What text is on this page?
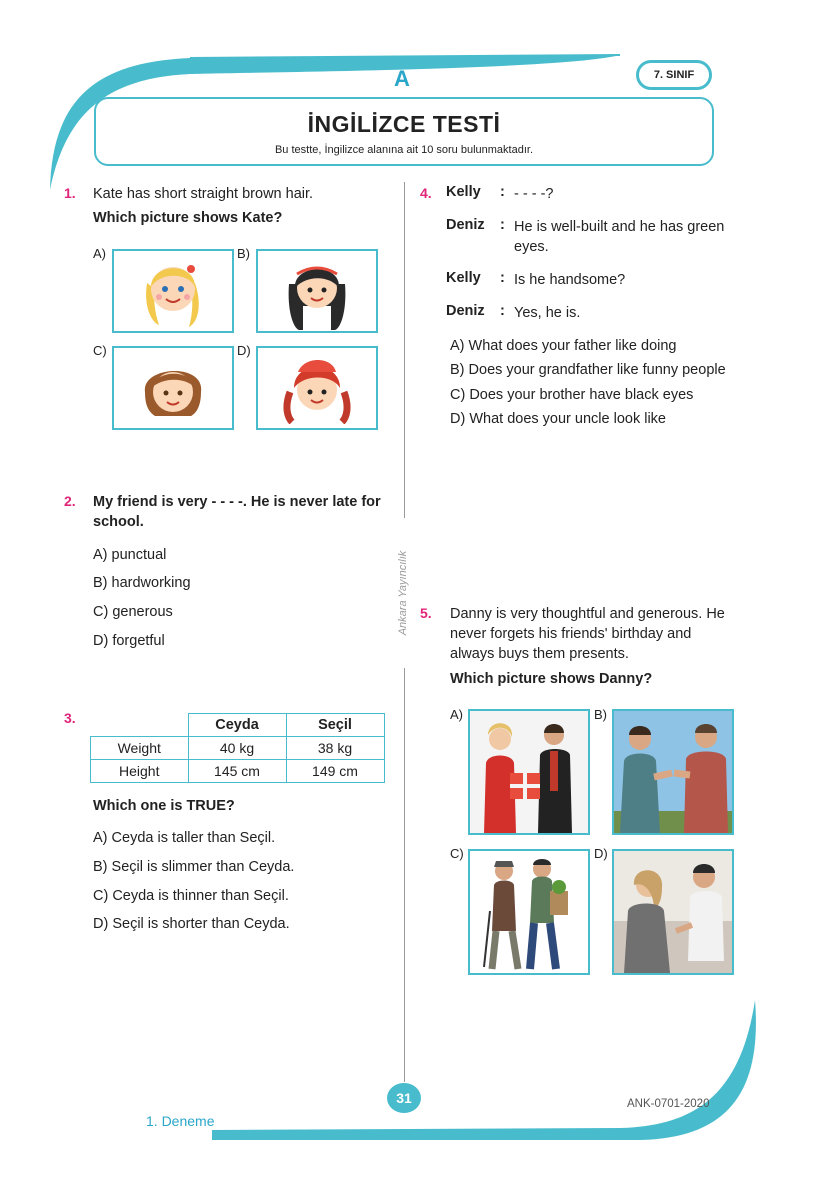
A	7. SINIF
İNGİLİZCE TESTİ
Bu testte, İngilizce alanına ait 10 soru bulunmaktadır.
Ankara Yayıncılık
1. Kate has short straight brown hair.
Which picture shows Kate?
A)	B)
C)	D)
2. My friend is very - - - -. He is never late for school.
A) punctual
B) hardworking
C) generous
D) forgetful
3.
		Ceyda	Seçil
Weight	40 kg	38 kg
Height	145 cm	149 cm
Which one is TRUE?
A) Ceyda is taller than Seçil.
B) Seçil is slimmer than Ceyda.
C) Ceyda is thinner than Seçil.
D) Seçil is shorter than Ceyda.
4. Kelly : - - - -?
Deniz : He is well-built and he has green eyes.
Kelly : Is he handsome?
Deniz : Yes, he is.
A) What does your father like doing
B) Does your grandfather like funny people
C) Does your brother have black eyes
D) What does your uncle look like
5. Danny is very thoughtful and generous. He never forgets his friends' birthday and always buys them presents.
Which picture shows Danny?
A)	B)
C)	D)
31
1. Deneme
ANK-0701-2020
